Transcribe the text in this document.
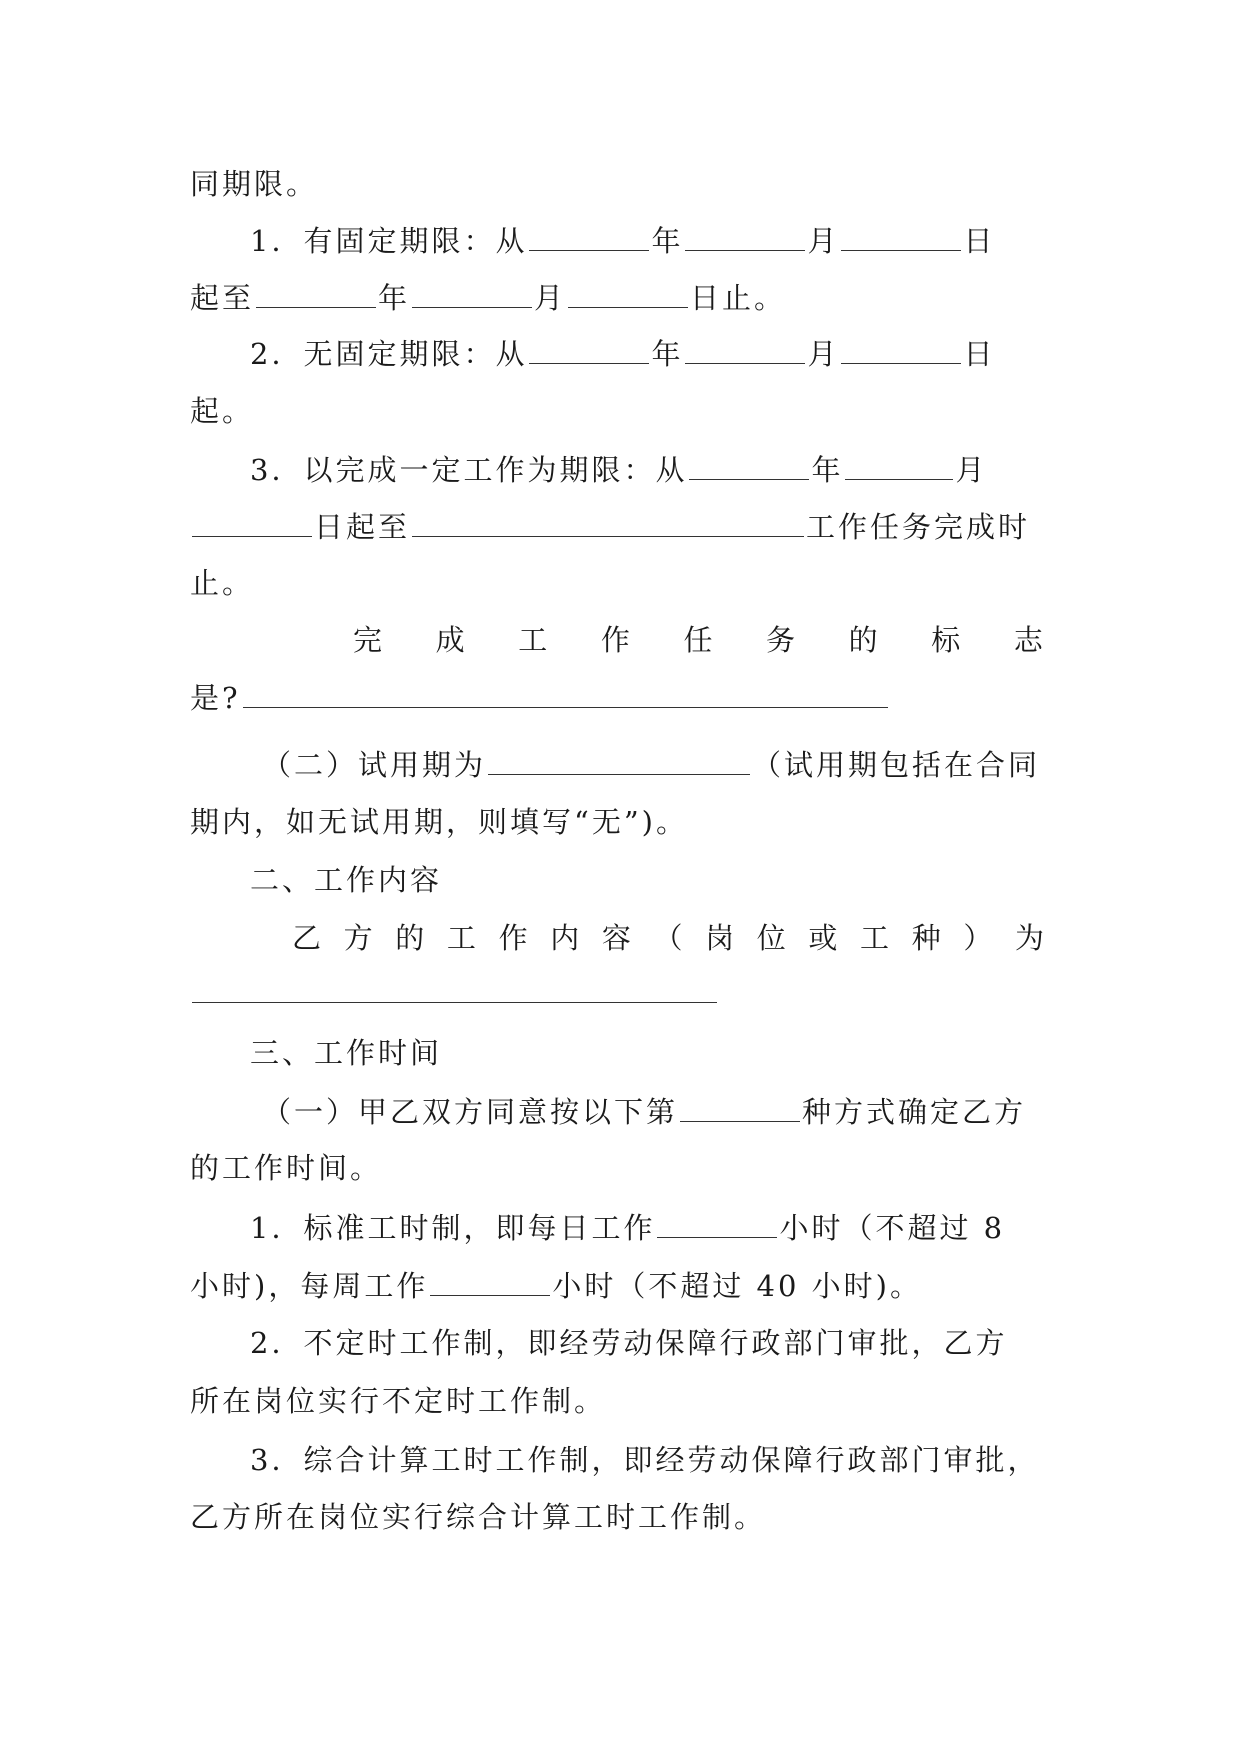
同期限。
1．有固定期限：从	年	月	日
起至	年	月	日止。
2．无固定期限：从	年	月	日
起。
3．以完成一定工作为期限：从	年	月
日起至	工作任务完成时
止。
完 成 工 作 任 务 的 标 志
是?
（二）试用期为	（试用期包括在合同
期内，如无试用期，则填写“无”)。
二、工作内容
乙 方 的 工 作 内 容 （ 岗 位 或 工 种 ） 为
三、工作时间
（一）甲乙双方同意按以下第	种方式确定乙方
的工作时间。
1．标准工时制，即每日工作	小时（不超过 8
小时)，每周工作	小时（不超过 40 小时)。
2．不定时工作制，即经劳动保障行政部门审批，乙方
所在岗位实行不定时工作制。
3．综合计算工时工作制，即经劳动保障行政部门审批，
乙方所在岗位实行综合计算工时工作制。
